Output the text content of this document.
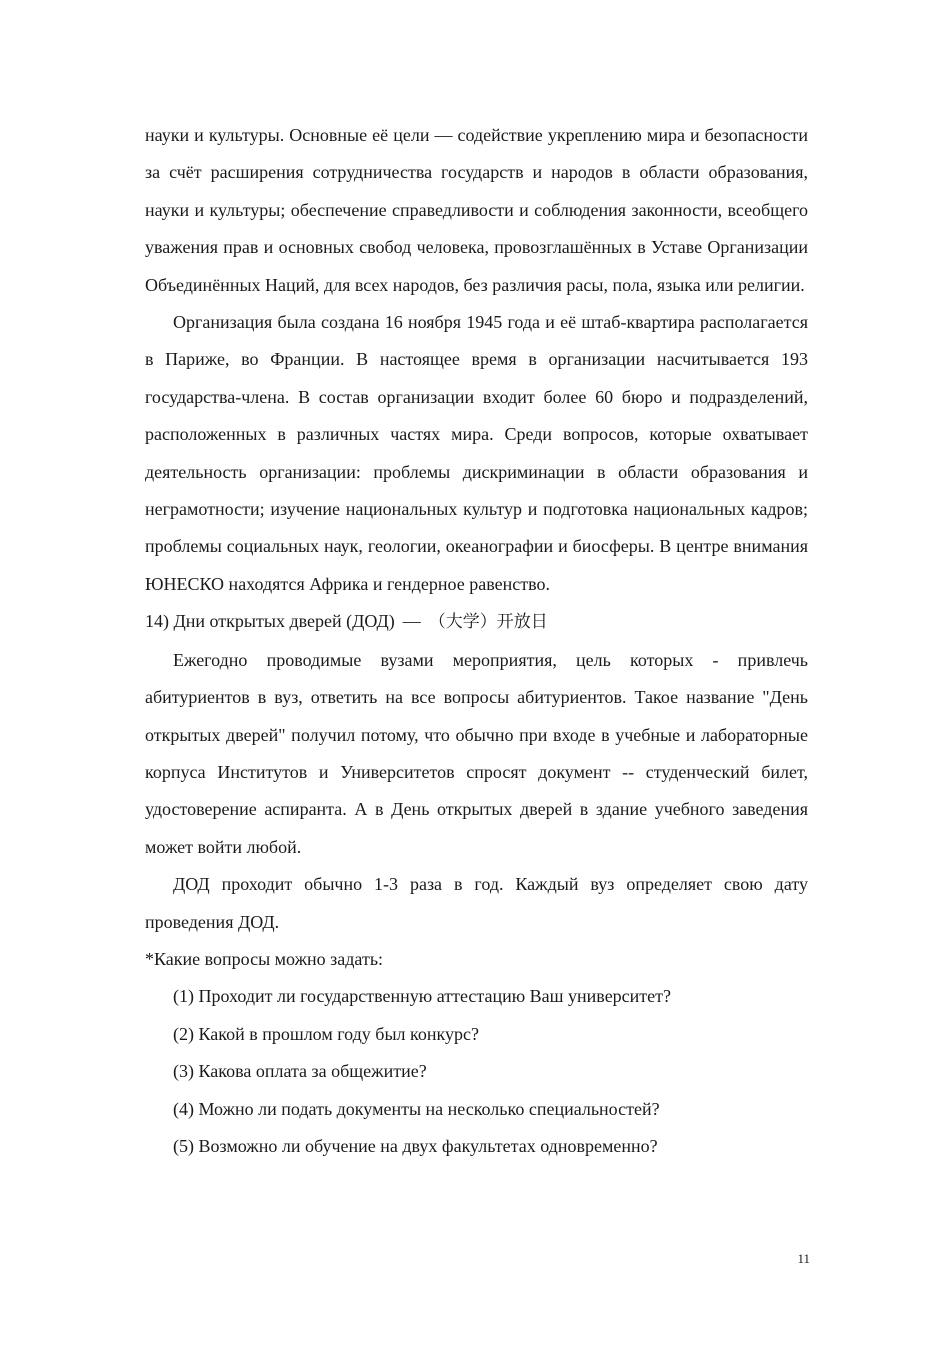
науки и культуры. Основные её цели — содействие укреплению мира и безопасности за счёт расширения сотрудничества государств и народов в области образования, науки и культуры; обеспечение справедливости и соблюдения законности, всеобщего уважения прав и основных свобод человека, провозглашённых в Уставе Организации Объединённых Наций, для всех народов, без различия расы, пола, языка или религии.

Организация была создана 16 ноября 1945 года и её штаб-квартира располагается в Париже, во Франции. В настоящее время в организации насчитывается 193 государства-члена. В состав организации входит более 60 бюро и подразделений, расположенных в различных частях мира. Среди вопросов, которые охватывает деятельность организации: проблемы дискриминации в области образования и неграмотности; изучение национальных культур и подготовка национальных кадров; проблемы социальных наук, геологии, океанографии и биосферы. В центре внимания ЮНЕСКО находятся Африка и гендерное равенство.

14) Дни открытых дверей (ДОД) — （大学）开放日

Ежегодно проводимые вузами мероприятия, цель которых - привлечь абитуриентов в вуз, ответить на все вопросы абитуриентов. Такое название "День открытых дверей" получил потому, что обычно при входе в учебные и лабораторные корпуса Институтов и Университетов спросят документ -- студенческий билет, удостоверение аспиранта. А в День открытых дверей в здание учебного заведения может войти любой.

ДОД проходит обычно 1-3 раза в год. Каждый вуз определяет свою дату проведения ДОД.

*Какие вопросы можно задать:

(1) Проходит ли государственную аттестацию Ваш университет?

(2) Какой в прошлом году был конкурс?

(3) Какова оплата за общежитие?

(4) Можно ли подать документы на несколько специальностей?

(5) Возможно ли обучение на двух факультетах одновременно?

11
